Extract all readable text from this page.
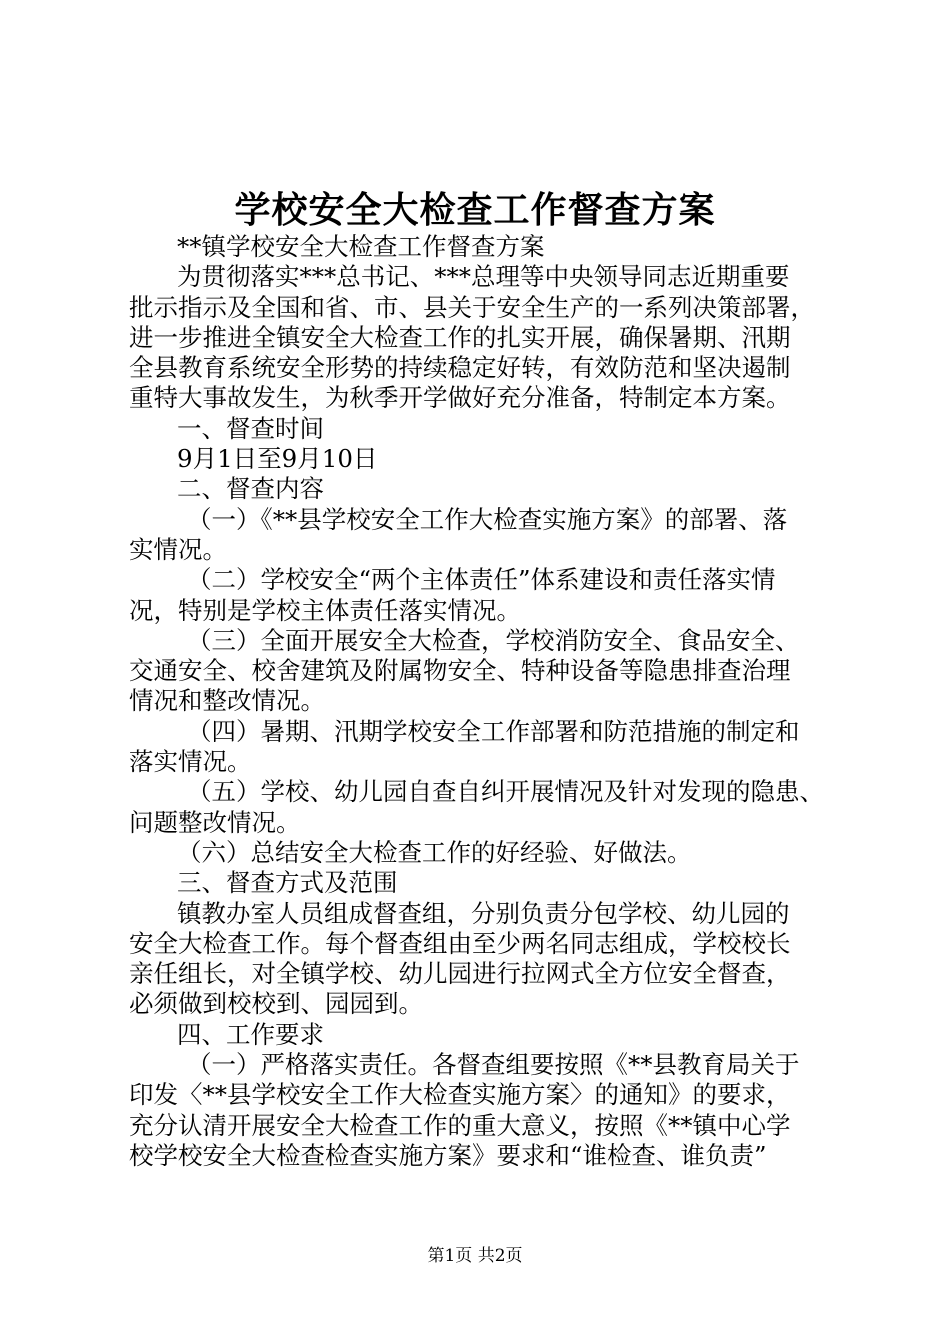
学校安全大检查工作督查方案
**镇学校安全大检查工作督查方案
为贯彻落实***总书记、***总理等中央领导同志近期重要
批示指示及全国和省、市、县关于安全生产的一系列决策部署，
进一步推进全镇安全大检查工作的扎实开展，确保暑期、汛期
全县教育系统安全形势的持续稳定好转，有效防范和坚决遏制
重特大事故发生，为秋季开学做好充分准备，特制定本方案。
一、督查时间
9月1日至9月10日
二、督查内容
（一）《**县学校安全工作大检查实施方案》的部署、落
实情况。
（二）学校安全“两个主体责任”体系建设和责任落实情
况，特别是学校主体责任落实情况。
（三）全面开展安全大检查，学校消防安全、食品安全、
交通安全、校舍建筑及附属物安全、特种设备等隐患排查治理
情况和整改情况。
（四）暑期、汛期学校安全工作部署和防范措施的制定和
落实情况。
（五）学校、幼儿园自查自纠开展情况及针对发现的隐患、
问题整改情况。
（六）总结安全大检查工作的好经验、好做法。
三、督查方式及范围
镇教办室人员组成督查组，分别负责分包学校、幼儿园的
安全大检查工作。每个督查组由至少两名同志组成，学校校长
亲任组长，对全镇学校、幼儿园进行拉网式全方位安全督查，
必须做到校校到、园园到。
四、工作要求
（一）严格落实责任。各督查组要按照《**县教育局关于
印发〈**县学校安全工作大检查实施方案〉的通知》的要求，
充分认清开展安全大检查工作的重大意义，按照《**镇中心学
校学校安全大检查检查实施方案》要求和“谁检查、谁负责”
第1页 共2页
